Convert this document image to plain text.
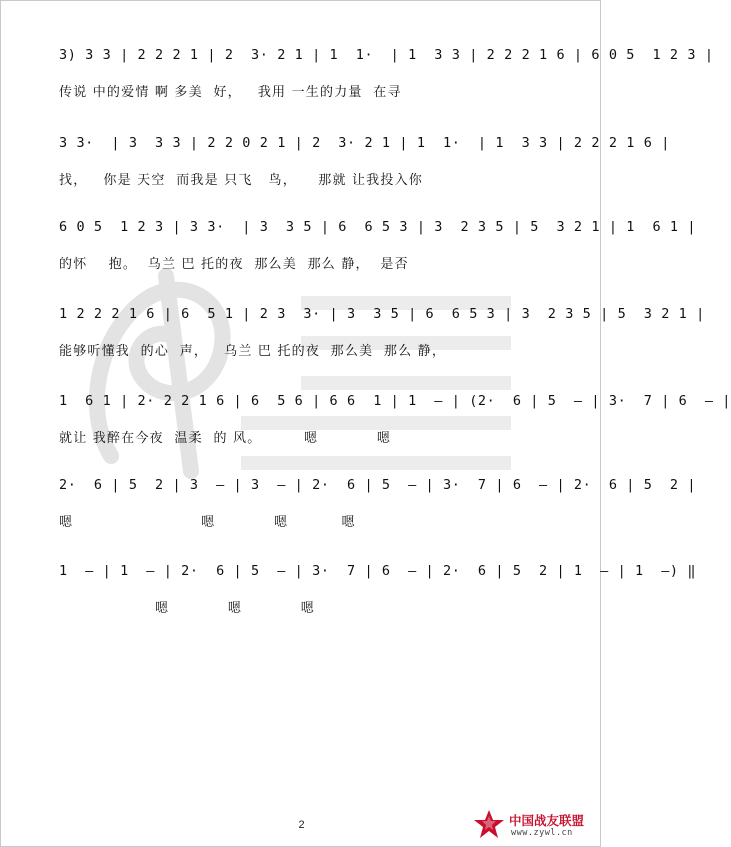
3) 3 3 | 2 2 2 1 | 2  3· 2 1 | 1  1·  | 1  3 3 | 2 2 2 1 6 | 6 0 5  1 2 3 |
传说 中的爱情 啊 多美  好，   我用 一生的力量  在寻
3 3·  | 3  3 3 | 2 2 0 2 1 | 2  3· 2 1 | 1  1·  | 1  3 3 | 2 2 2 1 6 |
找，   你是 天空  而我是 只飞   鸟，    那就 让我投入你
6 0 5  1 2 3 | 3 3·  | 3  3 5 | 6  6 5 3 | 3  2 3 5 | 5  3 2 1 | 1  6 1 |
的怀    抱。  乌兰 巴 托的夜  那么美  那么 静，  是否
1 2 2 2 1 6 | 6  5 1 | 2 3  3· | 3  3 5 | 6  6 5 3 | 3  2 3 5 | 5  3 2 1 |
能够听懂我  的心  声，   乌兰 巴 托的夜  那么美  那么 静，
1  6 1 | 2· 2 2 1 6 | 6  5 6 | 6 6  1 | 1  — | (2·  6 | 5  — | 3·  7 | 6  — |
就让 我醉在今夜  温柔  的 风。        嗯           嗯
2·  6 | 5  2 | 3  — | 3  — | 2·  6 | 5  — | 3·  7 | 6  — | 2·  6 | 5  2 |
嗯                        嗯           嗯          嗯
1  — | 1  — | 2·  6 | 5  — | 3·  7 | 6  — | 2·  6 | 5  2 | 1  — | 1  —) ‖
嗯           嗯           嗯
2	中国战友联盟
www.zywl.cn
